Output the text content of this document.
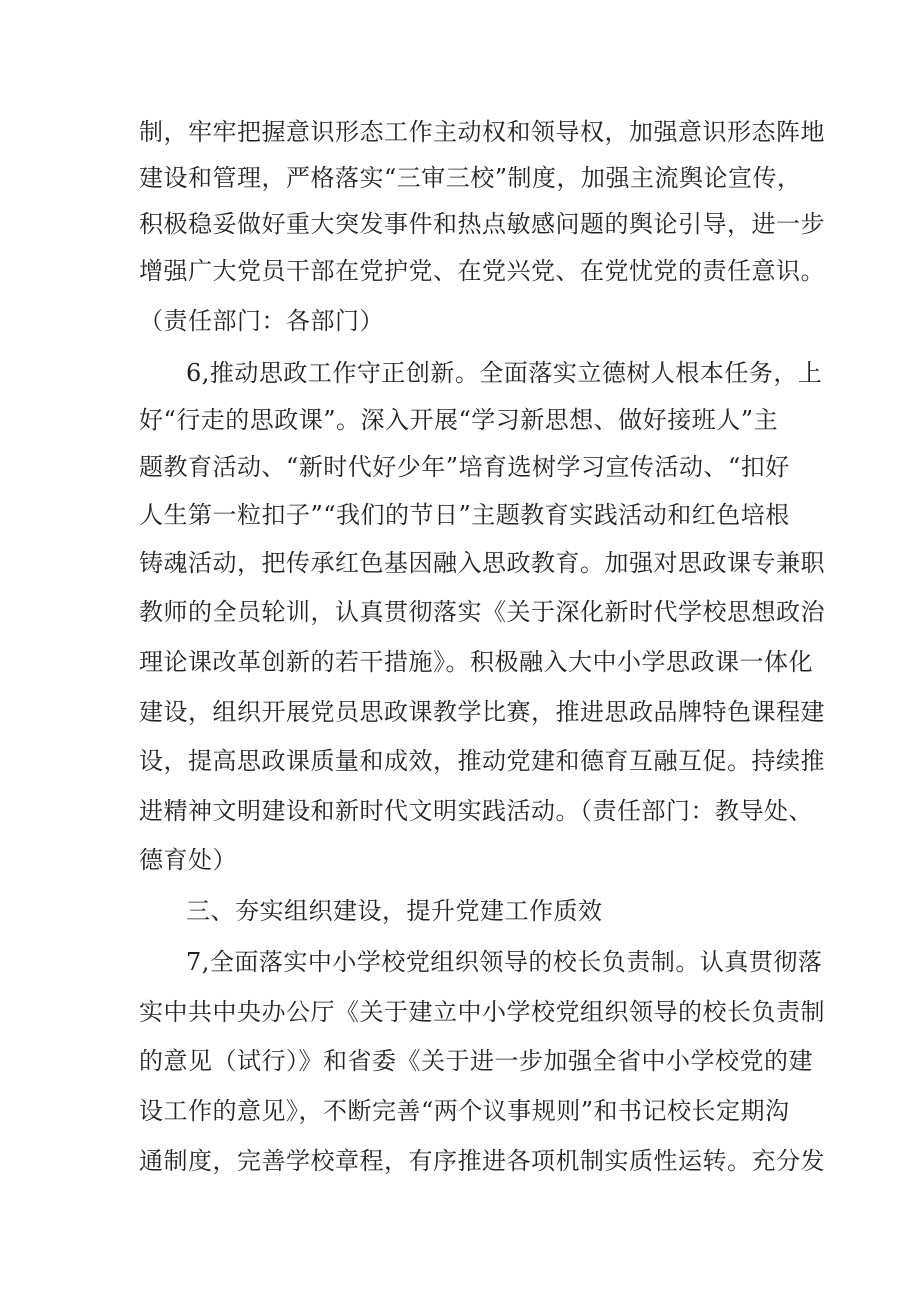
制，牢牢把握意识形态工作主动权和领导权，加强意识形态阵地
建设和管理，严格落实“三审三校”制度，加强主流舆论宣传，
积极稳妥做好重大突发事件和热点敏感问题的舆论引导，进一步
增强广大党员干部在党护党、在党兴党、在党忧党的责任意识。
（责任部门：各部门）
6,推动思政工作守正创新。全面落实立德树人根本任务，上
好“行走的思政课”。深入开展“学习新思想、做好接班人”主
题教育活动、“新时代好少年”培育选树学习宣传活动、“扣好
人生第一粒扣子”“我们的节日”主题教育实践活动和红色培根
铸魂活动，把传承红色基因融入思政教育。加强对思政课专兼职
教师的全员轮训，认真贯彻落实《关于深化新时代学校思想政治
理论课改革创新的若干措施》。积极融入大中小学思政课一体化
建设，组织开展党员思政课教学比赛，推进思政品牌特色课程建
设，提高思政课质量和成效，推动党建和德育互融互促。持续推
进精神文明建设和新时代文明实践活动。（责任部门：教导处、
德育处）
三、夯实组织建设，提升党建工作质效
7,全面落实中小学校党组织领导的校长负责制。认真贯彻落
实中共中央办公厅《关于建立中小学校党组织领导的校长负责制
的意见（试行）》和省委《关于进一步加强全省中小学校党的建
设工作的意见》，不断完善“两个议事规则”和书记校长定期沟
通制度，完善学校章程，有序推进各项机制实质性运转。充分发
